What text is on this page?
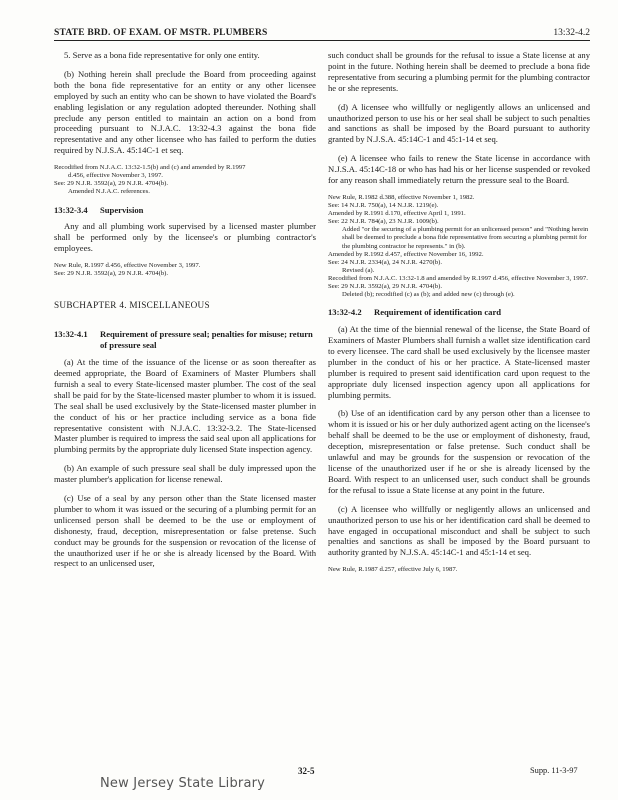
STATE BRD. OF EXAM. OF MSTR. PLUMBERS	13:32-4.2

5. Serve as a bona fide representative for only one entity.

(b) Nothing herein shall preclude the Board from proceeding against both the bona fide representative for an entity or any other licensee employed by such an entity who can be shown to have violated the Board's enabling legislation or any regulation adopted thereunder. Nothing shall preclude any person entitled to maintain an action on a bond from proceeding pursuant to N.J.A.C. 13:32-4.3 against the bona fide representative and any other licensee who has failed to perform the duties required by N.J.S.A. 45:14C-1 et seq.

Recodified from N.J.A.C. 13:32-1.5(b) and (c) and amended by R.1997
d.456, effective November 3, 1997.
See: 29 N.J.R. 3592(a), 29 N.J.R. 4704(b).
Amended N.J.A.C. references.
13:32-3.4 Supervision

Any and all plumbing work supervised by a licensed master plumber shall be performed only by the licensee's or plumbing contractor's employees.

New Rule, R.1997 d.456, effective November 3, 1997.
See: 29 N.J.R. 3592(a), 29 N.J.R. 4704(b).
SUBCHAPTER 4. MISCELLANEOUS
13:32-4.1 Requirement of pressure seal; penalties for misuse; return of pressure seal

(a) At the time of the issuance of the license or as soon thereafter as deemed appropriate, the Board of Examiners of Master Plumbers shall furnish a seal to every State-licensed master plumber. The cost of the seal shall be paid for by the State-licensed master plumber to whom it is issued. The seal shall be used exclusively by the State-licensed master plumber in the conduct of his or her practice including service as a bona fide representative consistent with N.J.A.C. 13:32-3.2. The State-licensed Master plumber is required to impress the said seal upon all applications for plumbing permits by the appropriate duly licensed State inspection agency.

(b) An example of such pressure seal shall be duly impressed upon the master plumber's application for license renewal.

(c) Use of a seal by any person other than the State licensed master plumber to whom it was issued or the securing of a plumbing permit for an unlicensed person shall be deemed to be the use or employment of dishonesty, fraud, deception, misrepresentation or false pretense. Such conduct may be grounds for the suspension or revocation of the license of the unauthorized user if he or she is already licensed by the Board. With respect to an unlicensed user,

such conduct shall be grounds for the refusal to issue a State license at any point in the future. Nothing herein shall be deemed to preclude a bona fide representative from securing a plumbing permit for the plumbing contractor he or she represents.

(d) A licensee who willfully or negligently allows an unlicensed and unauthorized person to use his or her seal shall be subject to such penalties and sanctions as shall be imposed by the Board pursuant to authority granted by N.J.S.A. 45:14C-1 and 45:1-14 et seq.

(e) A licensee who fails to renew the State license in accordance with N.J.S.A. 45:14C-18 or who has had his or her license suspended or revoked for any reason shall immediately return the pressure seal to the Board.

New Rule, R.1982 d.388, effective November 1, 1982.
See: 14 N.J.R. 750(a), 14 N.J.R. 1219(e).
Amended by R.1991 d.170, effective April 1, 1991.
See: 22 N.J.R. 784(a), 23 N.J.R. 1009(b).
Added "or the securing of a plumbing permit for an unlicensed person" and "Nothing herein shall be deemed to preclude a bona fide representative from securing a plumbing permit for the plumbing contractor he represents." in (b).
Amended by R.1992 d.457, effective November 16, 1992.
See: 24 N.J.R. 2334(a), 24 N.J.R. 4270(b).
Revised (a).
Recodified from N.J.A.C. 13:32-1.8 and amended by R.1997 d.456, effective November 3, 1997.
See: 29 N.J.R. 3592(a), 29 N.J.R. 4704(b).
Deleted (b); recodified (c) as (b); and added new (c) through (e).
13:32-4.2 Requirement of identification card

(a) At the time of the biennial renewal of the license, the State Board of Examiners of Master Plumbers shall furnish a wallet size identification card to every licensee. The card shall be used exclusively by the licensee master plumber in the conduct of his or her practice. A State-licensed master plumber is required to present said identification card upon request to the appropriate duly licensed inspection agency upon all applications for plumbing permits.

(b) Use of an identification card by any person other than a licensee to whom it is issued or his or her duly authorized agent acting on the licensee's behalf shall be deemed to be the use or employment of dishonesty, fraud, deception, misrepresentation or false pretense. Such conduct shall be unlawful and may be grounds for the suspension or revocation of the license of the unauthorized user if he or she is already licensed by the Board. With respect to an unlicensed user, such conduct shall be grounds for the refusal to issue a State license at any point in the future.

(c) A licensee who willfully or negligently allows an unlicensed and unauthorized person to use his or her identification card shall be deemed to have engaged in occupational misconduct and shall be subject to such penalties and sanctions as shall be imposed by the Board pursuant to authority granted by N.J.S.A. 45:14C-1 and 45:1-14 et seq.

New Rule, R.1987 d.257, effective July 6, 1987.
32-5	Supp. 11-3-97
New Jersey State Library
